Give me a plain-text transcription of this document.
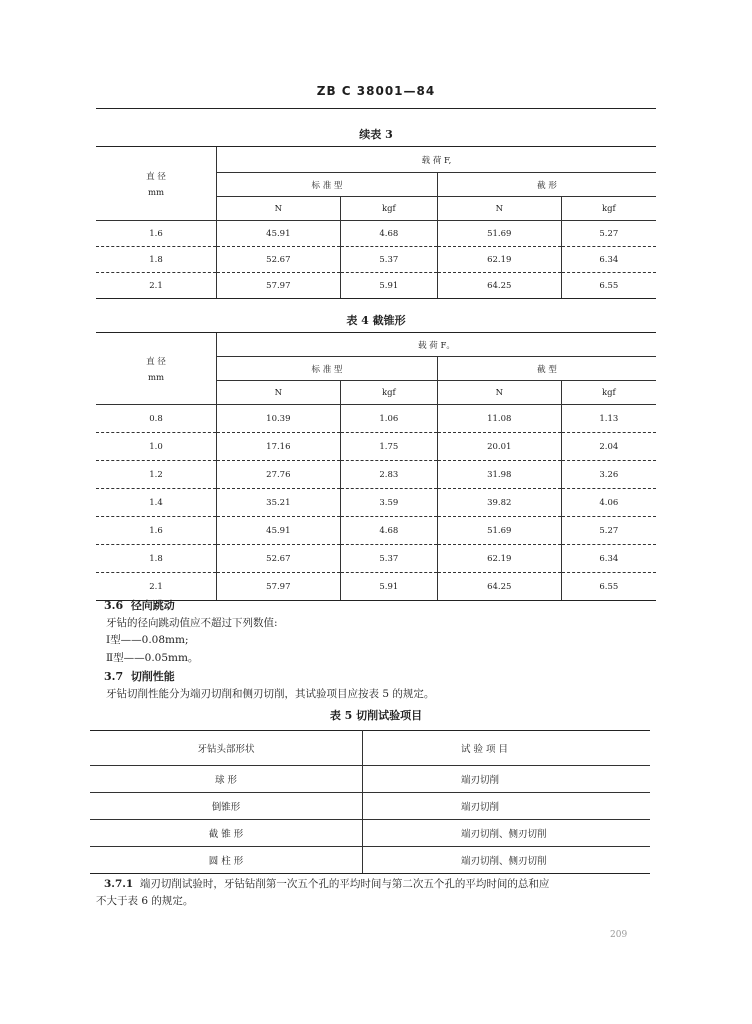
ZB C 38001—84
续表 3
直 径
mm	载 荷 F,			
	标 准 型		截 形	
	N	kgf	N	kgf
1.6	45.91	4.68	51.69	5.27
1.8	52.67	5.37	62.19	6.34
2.1	57.97	5.91	64.25	6.55
表 4 截锥形
直 径
mm	载 荷 F。			
	标 准 型		截 型	
	N	kgf	N	kgf
0.8	10.39	1.06	11.08	1.13
1.0	17.16	1.75	20.01	2.04
1.2	27.76	2.83	31.98	3.26
1.4	35.21	3.59	39.82	4.06
1.6	45.91	4.68	51.69	5.27
1.8	52.67	5.37	62.19	6.34
2.1	57.97	5.91	64.25	6.55
3.6 径向跳动
牙钻的径向跳动值应不超过下列数值:
Ⅰ型——0.08mm;
Ⅱ型——0.05mm。
3.7 切削性能
牙钻切削性能分为端刃切削和侧刃切削，其试验项目应按表 5 的规定。
表 5 切削试验项目
牙钻头部形状	试 验 项 目
球 形	端刃切削
倒锥形	端刃切削
截 锥 形	端刃切削、侧刃切削
圆 柱 形	端刃切削、侧刃切削
3.7.1 端刃切削试验时，牙钻钻削第一次五个孔的平均时间与第二次五个孔的平均时间的总和应
不大于表 6 的规定。
209
